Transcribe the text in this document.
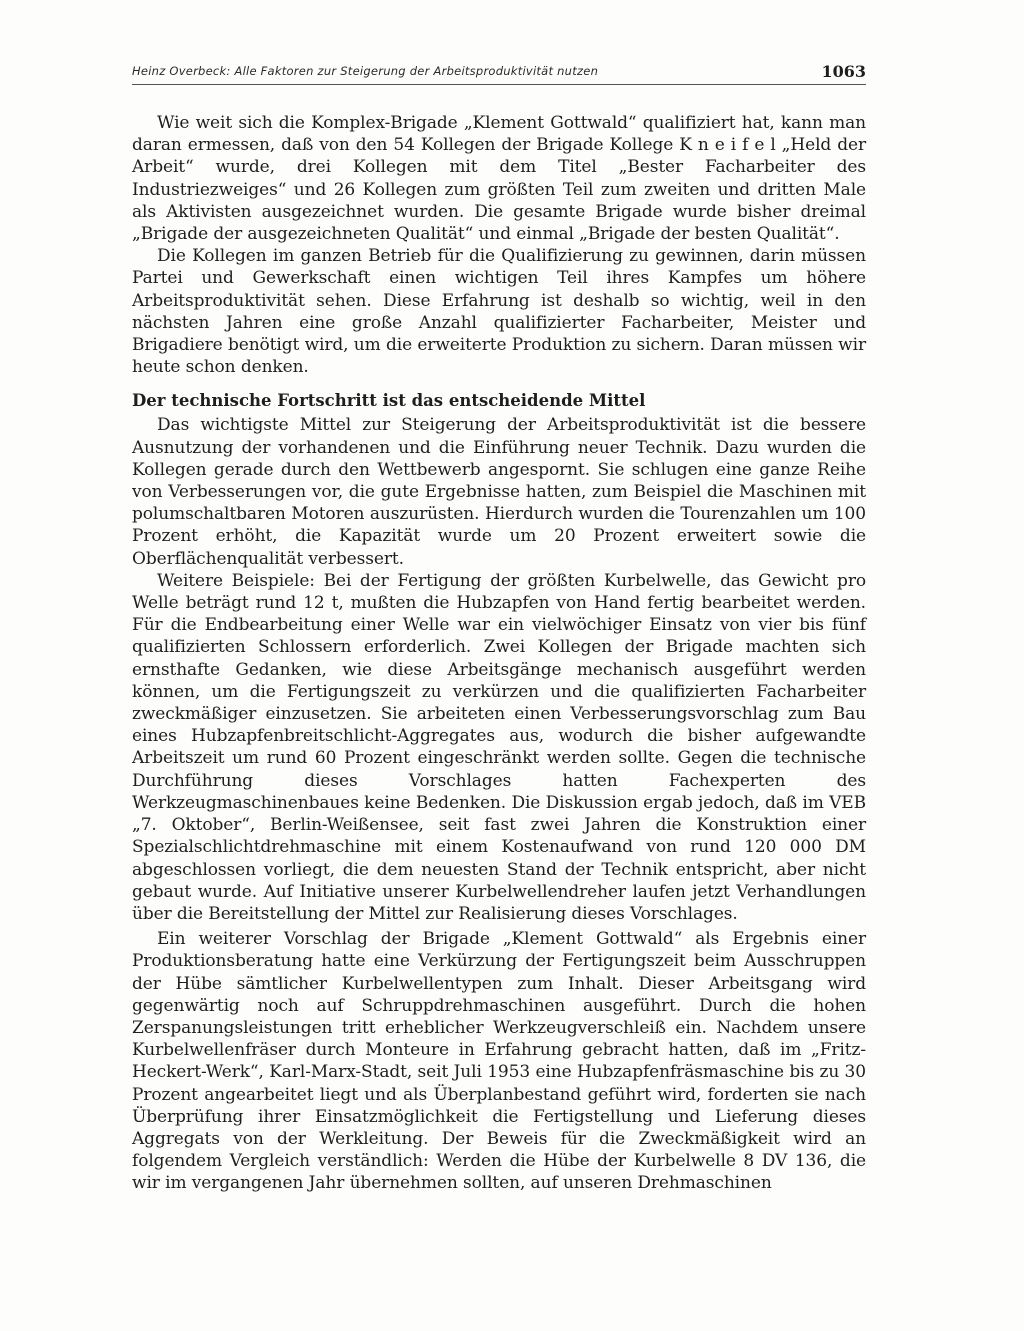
Heinz Overbeck: Alle Faktoren zur Steigerung der Arbeitsproduktivität nutzen	1063

Wie weit sich die Komplex-Brigade „Klement Gottwald“ qualifiziert hat, kann man daran ermessen, daß von den 54 Kollegen der Brigade Kollege K n e i f e l „Held der Arbeit“ wurde, drei Kollegen mit dem Titel „Bester Facharbeiter des Industriezweiges“ und 26 Kollegen zum größten Teil zum zweiten und dritten Male als Aktivisten ausgezeichnet wurden. Die gesamte Brigade wurde bisher dreimal „Brigade der ausgezeichneten Qualität“ und einmal „Brigade der besten Qualität“.

Die Kollegen im ganzen Betrieb für die Qualifizierung zu gewinnen, darin müssen Partei und Gewerkschaft einen wichtigen Teil ihres Kampfes um höhere Arbeitsproduktivität sehen. Diese Erfahrung ist deshalb so wichtig, weil in den nächsten Jahren eine große Anzahl qualifizierter Facharbeiter, Meister und Brigadiere benötigt wird, um die erweiterte Produktion zu sichern. Daran müssen wir heute schon denken.

Der technische Fortschritt ist das entscheidende Mittel

Das wichtigste Mittel zur Steigerung der Arbeitsproduktivität ist die bessere Ausnutzung der vorhandenen und die Einführung neuer Technik. Dazu wurden die Kollegen gerade durch den Wettbewerb angespornt. Sie schlugen eine ganze Reihe von Verbesserungen vor, die gute Ergebnisse hatten, zum Beispiel die Maschinen mit polumschaltbaren Motoren auszurüsten. Hierdurch wurden die Tourenzahlen um 100 Prozent erhöht, die Kapazität wurde um 20 Prozent erweitert sowie die Oberflächenqualität verbessert.

Weitere Beispiele: Bei der Fertigung der größten Kurbelwelle, das Gewicht pro Welle beträgt rund 12 t, mußten die Hubzapfen von Hand fertig bearbeitet werden. Für die Endbearbeitung einer Welle war ein vielwöchiger Einsatz von vier bis fünf qualifizierten Schlossern erforderlich. Zwei Kollegen der Brigade machten sich ernsthafte Gedanken, wie diese Arbeitsgänge mechanisch ausgeführt werden können, um die Fertigungszeit zu verkürzen und die qualifizierten Facharbeiter zweckmäßiger einzusetzen. Sie arbeiteten einen Verbesserungsvorschlag zum Bau eines Hubzapfenbreitschlicht-Aggregates aus, wodurch die bisher aufgewandte Arbeitszeit um rund 60 Prozent eingeschränkt werden sollte. Gegen die technische Durchführung dieses Vorschlages hatten Fachexperten des Werkzeugmaschinenbaues keine Bedenken. Die Diskussion ergab jedoch, daß im VEB „7. Oktober“, Berlin-Weißensee, seit fast zwei Jahren die Konstruktion einer Spezialschlichtdrehmaschine mit einem Kostenaufwand von rund 120 000 DM abgeschlossen vorliegt, die dem neuesten Stand der Technik entspricht, aber nicht gebaut wurde. Auf Initiative unserer Kurbelwellendreher laufen jetzt Verhandlungen über die Bereitstellung der Mittel zur Realisierung dieses Vorschlages.

Ein weiterer Vorschlag der Brigade „Klement Gottwald“ als Ergebnis einer Produktionsberatung hatte eine Verkürzung der Fertigungszeit beim Ausschruppen der Hübe sämtlicher Kurbelwellentypen zum Inhalt. Dieser Arbeitsgang wird gegenwärtig noch auf Schruppdrehmaschinen ausgeführt. Durch die hohen Zerspanungsleistungen tritt erheblicher Werkzeugverschleiß ein. Nachdem unsere Kurbelwellenfräser durch Monteure in Erfahrung gebracht hatten, daß im „Fritz-Heckert-Werk“, Karl-Marx-Stadt, seit Juli 1953 eine Hubzapfenfräsmaschine bis zu 30 Prozent angearbeitet liegt und als Überplanbestand geführt wird, forderten sie nach Überprüfung ihrer Einsatzmöglichkeit die Fertigstellung und Lieferung dieses Aggregats von der Werkleitung. Der Beweis für die Zweckmäßigkeit wird an folgendem Vergleich verständlich: Werden die Hübe der Kurbelwelle 8 DV 136, die wir im vergangenen Jahr übernehmen sollten, auf unseren Drehmaschinen
